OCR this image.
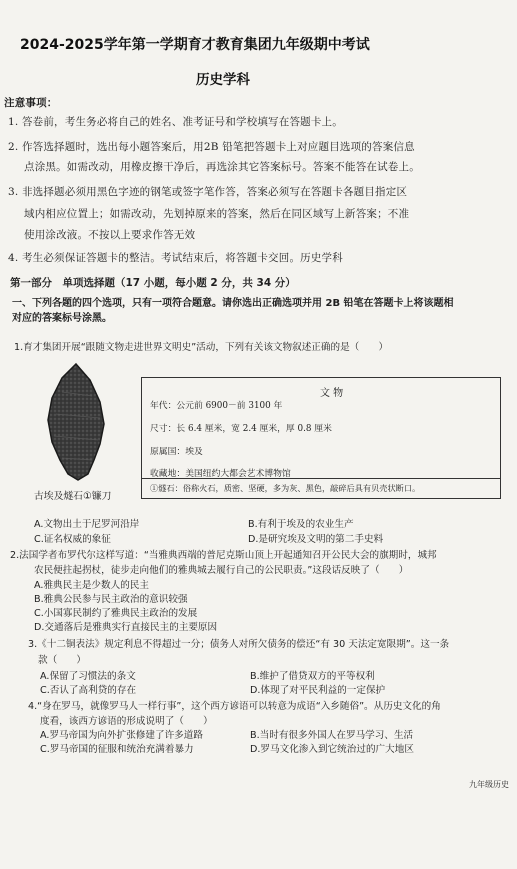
2024-2025学年第一学期育才教育集团九年级期中考试
历史学科
注意事项：
1. 答卷前，考生务必将自己的姓名、准考证号和学校填写在答题卡上。
2. 作答选择题时，选出每小题答案后，用2B 铅笔把答题卡上对应题目选项的答案信息
点涂黑。如需改动，用橡皮擦干净后，再选涂其它答案标号。答案不能答在试卷上。
3. 非选择题必须用黑色字迹的钢笔或签字笔作答，答案必须写在答题卡各题目指定区
域内相应位置上；如需改动，先划掉原来的答案，然后在同区域写上新答案；不准
使用涂改液。不按以上要求作答无效
4. 考生必须保证答题卡的整洁。考试结束后，将答题卡交回。历史学科
第一部分　单项选择题（17 小题，每小题 2 分，共 34 分）
一、下列各题的四个选项，只有一项符合题意。请你选出正确选项并用 2B 铅笔在答题卡上将该题相
对应的答案标号涂黑。
1.育才集团开展“跟随文物走进世界文明史”活动，下列有关该文物叙述正确的是（　　）
古埃及燧石①镰刀
文 物
年代：公元前 6900－前 3100 年
尺寸：长 6.4 厘米，宽 2.4 厘米，厚 0.8 厘米
原属国：埃及
收藏地：美国纽约大都会艺术博物馆
①燧石：俗称火石，质密、坚硬，多为灰、黑色，敲碎后具有贝壳状断口。
A.文物出土于尼罗河沿岸	B.有利于埃及的农业生产
C.证名权威的象征	D.是研究埃及文明的第二手史料
2.法国学者布罗代尔这样写道：“当雅典西端的普尼克斯山顶上开起通知召开公民大会的旗期时，城邦
农民便拄起拐杖，徒步走向他们的雅典城去履行自己的公民职责。”这段话反映了（　　）
A.雅典民主是少数人的民主
B.雅典公民参与民主政治的意识较强
C.小国寡民制约了雅典民主政治的发展
D.交通落后是雅典实行直接民主的主要原因
3.《十二铜表法》规定利息不得超过一分；债务人对所欠债务的偿还“有 30 天法定宽限期”。这一条
款（　　）
A.保留了习惯法的条文	B.维护了借贷双方的平等权利
C.否认了高利贷的存在	D.体现了对平民利益的一定保护
4.“身在罗马，就像罗马人一样行事”，这个西方谚语可以转意为成语“入乡随俗”。从历史文化的角
度看，该西方谚语的形成说明了（　　）
A.罗马帝国为向外扩张修建了许多道路	B.当时有很多外国人在罗马学习、生活
C.罗马帝国的征服和统治充满着暴力	D.罗马文化渗入到它统治过的广大地区
九年级历史
